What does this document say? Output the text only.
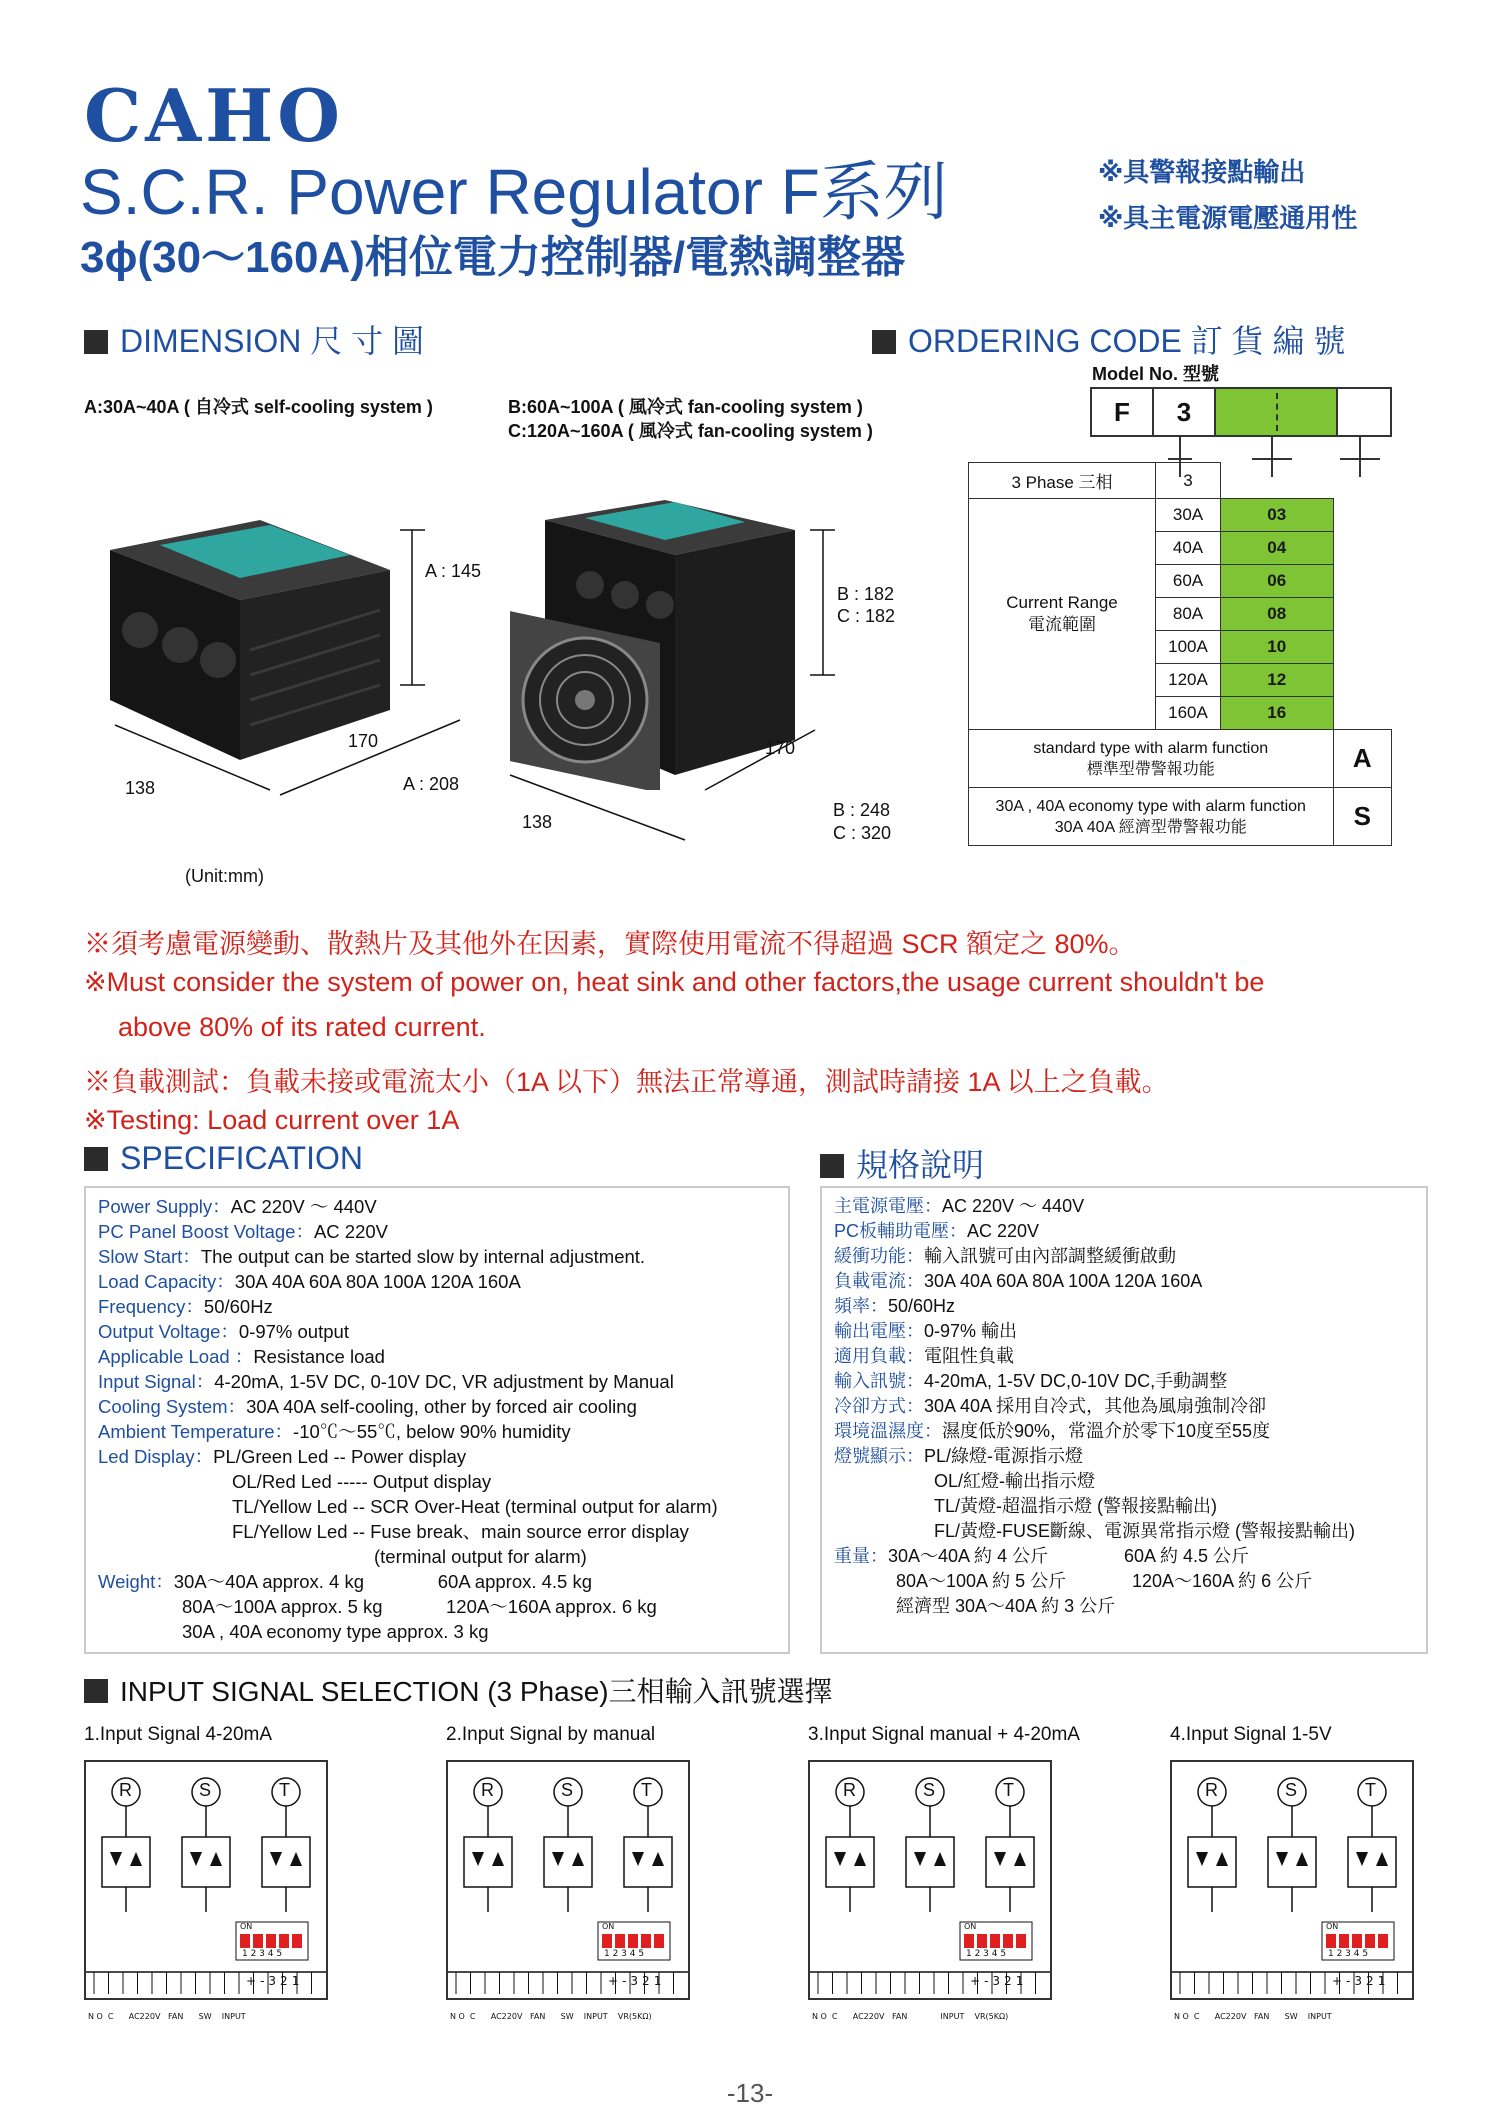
CAHO
S.C.R. Power Regulator F系列
3ϕ(30～160A)相位電力控制器/電熱調整器
※具警報接點輸出
※具主電源電壓通用性
DIMENSION 尺 寸 圖
A:30A~40A ( 自冷式 self-cooling system )	B:60A~100A ( 風冷式 fan-cooling system )
C:120A~160A ( 風冷式 fan-cooling system )
A : 145
170
138	A : 208
B : 182
C : 182
170
138
B : 248
C : 320
(Unit:mm)
ORDERING CODE 訂 貨 編 號
Model No. 型號
F	3
3 Phase 三相	3		

Current Range
電流範圍	30A	03	
	40A	04	
	60A	06	
	80A	08	
	100A	10	
	120A	12	
	160A	16	

standard type with alarm function
標準型帶警報功能			A

30A , 40A economy type with alarm function
30A 40A 經濟型帶警報功能			S
※須考慮電源變動、散熱片及其他外在因素，實際使用電流不得超過 SCR 額定之 80%。
※Must consider the system of power on, heat sink and other factors,the usage current shouldn't be
above 80% of its rated current.
※負載測試：負載未接或電流太小（1A 以下）無法正常導通，測試時請接 1A 以上之負載。
※Testing: Load current over 1A
SPECIFICATION
Power Supply：AC 220V ～ 440V
PC Panel Boost Voltage：AC 220V
Slow Start：The output can be started slow by internal adjustment.
Load Capacity：30A 40A 60A 80A 100A 120A 160A
Frequency：50/60Hz
Output Voltage：0-97% output
Applicable Load ：Resistance load
Input Signal：4-20mA, 1-5V DC, 0-10V DC, VR adjustment by Manual
Cooling System：30A 40A self-cooling, other by forced air cooling
Ambient Temperature：-10℃～55℃, below 90% humidity
Led Display：PL/Green Led -- Power display
OL/Red Led ----- Output display
TL/Yellow Led -- SCR Over-Heat (terminal output for alarm)
FL/Yellow Led -- Fuse break、main source error display
(terminal output for alarm)
Weight：30A～40A approx. 4 kg	60A approx. 4.5 kg
80A～100A approx. 5 kg	120A～160A approx. 6 kg
30A , 40A economy type approx. 3 kg
規格說明
主電源電壓：AC 220V ～ 440V
PC板輔助電壓：AC 220V
緩衝功能：輸入訊號可由內部調整緩衝啟動
負載電流：30A 40A 60A 80A 100A 120A 160A
頻率：50/60Hz
輸出電壓：0-97% 輸出
適用負載：電阻性負載
輸入訊號：4-20mA, 1-5V DC,0-10V DC,手動調整
冷卻方式：30A 40A 採用自冷式，其他為風扇強制冷卻
環境溫濕度：濕度低於90%，常溫介於零下10度至55度
燈號顯示：PL/綠燈-電源指示燈
OL/紅燈-輸出指示燈
TL/黃燈-超溫指示燈 (警報接點輸出)
FL/黃燈-FUSE斷線、電源異常指示燈 (警報接點輸出)
重量：30A～40A 約 4 公斤	60A 約 4.5 公斤
80A～100A 約 5 公斤	120A～160A 約 6 公斤
經濟型 30A～40A 約 3 公斤
INPUT SIGNAL SELECTION (3 Phase)三相輸入訊號選擇
1.Input Signal 4-20mA
R	S	T
ON
1 2 3 4 5
+-321
N O  C      AC220V   FAN      SW    INPUT
2.Input Signal by manual
R	S	T
ON
1 2 3 4 5
+-321
N O  C      AC220V   FAN      SW    INPUT    VR(5KΩ)
3.Input Signal manual + 4-20mA
R	S	T
ON
1 2 3 4 5
+-321
N O  C      AC220V   FAN             INPUT    VR(5KΩ)
4.Input Signal 1-5V
R	S	T
ON
1 2 3 4 5
+-321
N O  C      AC220V   FAN      SW    INPUT
-13-
